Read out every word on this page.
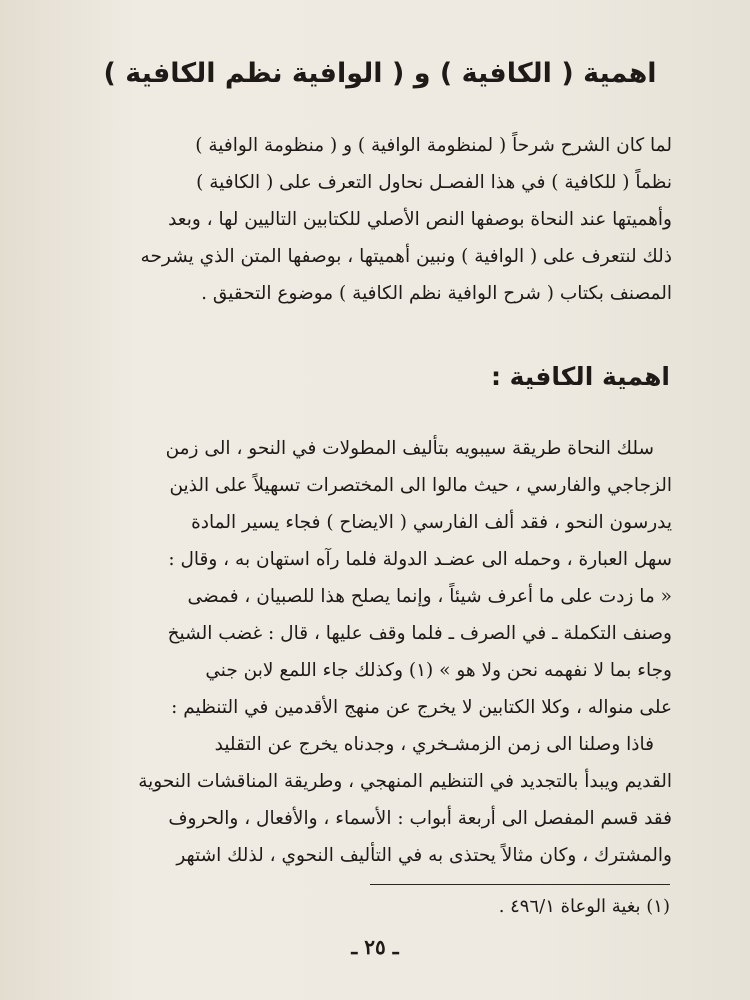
اهمية ( الكافية ) و ( الوافية نظم الكافية )
لما كان الشرح شرحاً ( لمنظومة الوافية ) و ( منظومة الوافية )
نظماً ( للكافية ) في هذا الفصـل نحاول التعرف على ( الكافية )
وأهميتها عند النحاة بوصفها النص الأصلي للكتابين التاليين لها ، وبعد
ذلك لنتعرف على ( الوافية ) ونبين أهميتها ، بوصفها المتن الذي يشرحه
المصنف بكتاب ( شرح الوافية نظم الكافية ) موضوع التحقيق .
اهمية الكافية :
سلك النحاة طريقة سيبويه بتأليف المطولات في النحو ، الى زمن
الزجاجي والفارسي ، حيث مالوا الى المختصرات تسهيلاً على الذين
يدرسون النحو ، فقد ألف الفارسي ( الايضاح ) فجاء يسير المادة
سهل العبارة ، وحمله الى عضـد الدولة فلما رآه استهان به ، وقال :
« ما زدت على ما أعرف شيئاً ، وإنما يصلح هذا للصبيان ، فمضى
وصنف التكملة ـ في الصرف ـ فلما وقف عليها ، قال : غضب الشيخ
وجاء بما لا نفهمه نحن ولا هو » (١) وكذلك جاء اللمع لابن جني
على منواله ، وكلا الكتابين لا يخرج عن منهج الأقدمين في التنظيم :
فاذا وصلنا الى زمن الزمشـخري ، وجدناه يخرج عن التقليد
القديم ويبدأ بالتجديد في التنظيم المنهجي ، وطريقة المناقشات النحوية
فقد قسم المفصل الى أربعة أبواب : الأسماء ، والأفعال ، والحروف
والمشترك ، وكان مثالاً يحتذى به في التأليف النحوي ، لذلك اشتهر
(١) بغية الوعاة ٤٩٦/١ .
ـ ٢٥ ـ
